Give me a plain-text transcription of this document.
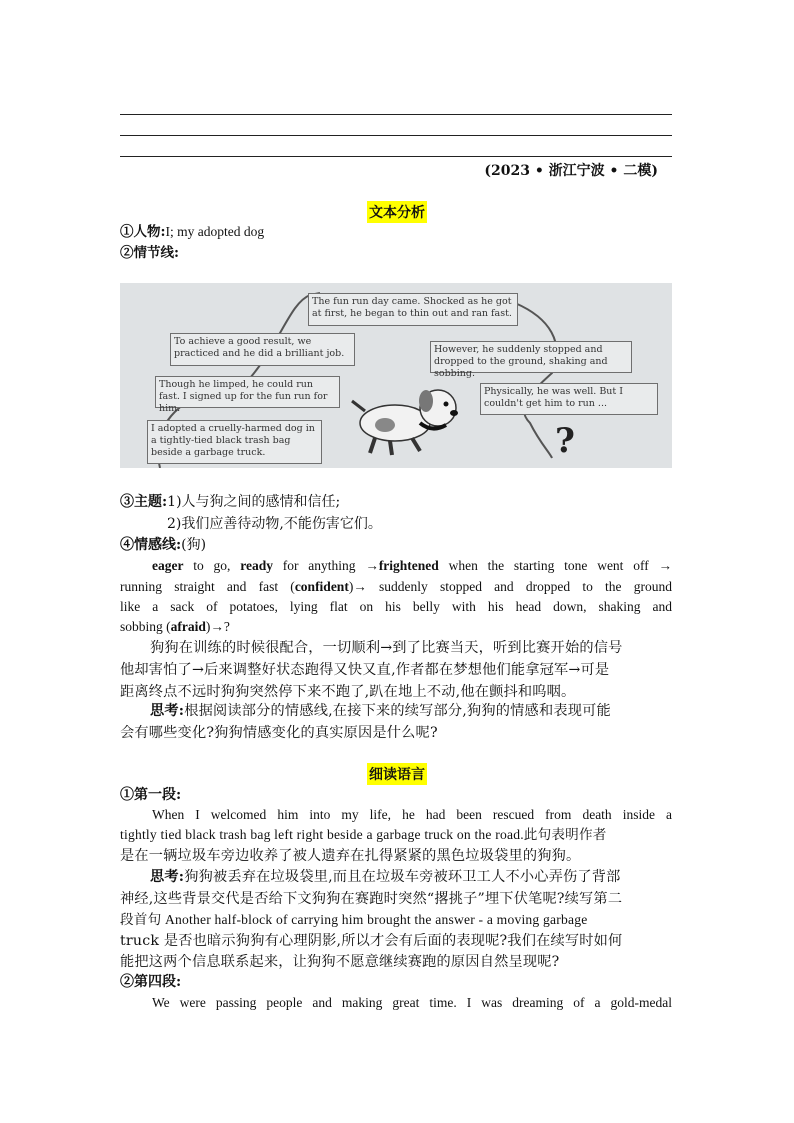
(2023 • 浙江宁波 • 二模)
文本分析
①人物:I; my adopted dog
②情节线:
The fun run day came. Shocked as he got at first, he began to thin out and ran fast.
To achieve a good result, we practiced and he did a brilliant job.	However, he suddenly stopped and dropped to the ground, shaking and sobbing.
Though he limped, he could run fast. I signed up for the fun run for him.
Physically, he was well. But I couldn't get him to run ...
I adopted a cruelly-harmed dog in a tightly-tied black trash bag beside a garbage truck.	?
③主题:1)人与狗之间的感情和信任;
2)我们应善待动物,不能伤害它们。
④情感线:(狗)
eager to go, ready for anything →frightened when the starting tone went off →
running straight and fast (confident)→ suddenly stopped and dropped to the ground
like a sack of potatoes, lying flat on his belly with his head down, shaking and
sobbing (afraid)→?
狗狗在训练的时候很配合，一切顺利→到了比赛当天，听到比赛开始的信号
他却害怕了→后来调整好状态跑得又快又直,作者都在梦想他们能拿冠军→可是
距离终点不远时狗狗突然停下来不跑了,趴在地上不动,他在颤抖和呜咽。
思考:根据阅读部分的情感线,在接下来的续写部分,狗狗的情感和表现可能
会有哪些变化?狗狗情感变化的真实原因是什么呢?
细读语言
①第一段:
When I welcomed him into my life, he had been rescued from death inside a
tightly tied black trash bag left right beside a garbage truck on the road.此句表明作者
是在一辆垃圾车旁边收养了被人遗弃在扎得紧紧的黑色垃圾袋里的狗狗。
思考:狗狗被丢弃在垃圾袋里,而且在垃圾车旁被环卫工人不小心弄伤了背部
神经,这些背景交代是否给下文狗狗在赛跑时突然“撂挑子”埋下伏笔呢?续写第二
段首句 Another half-block of carrying him brought the answer - a moving garbage
truck 是否也暗示狗狗有心理阴影,所以才会有后面的表现呢?我们在续写时如何
能把这两个信息联系起来，让狗狗不愿意继续赛跑的原因自然呈现呢?
②第四段:
We were passing people and making great time. I was dreaming of a gold-medal
